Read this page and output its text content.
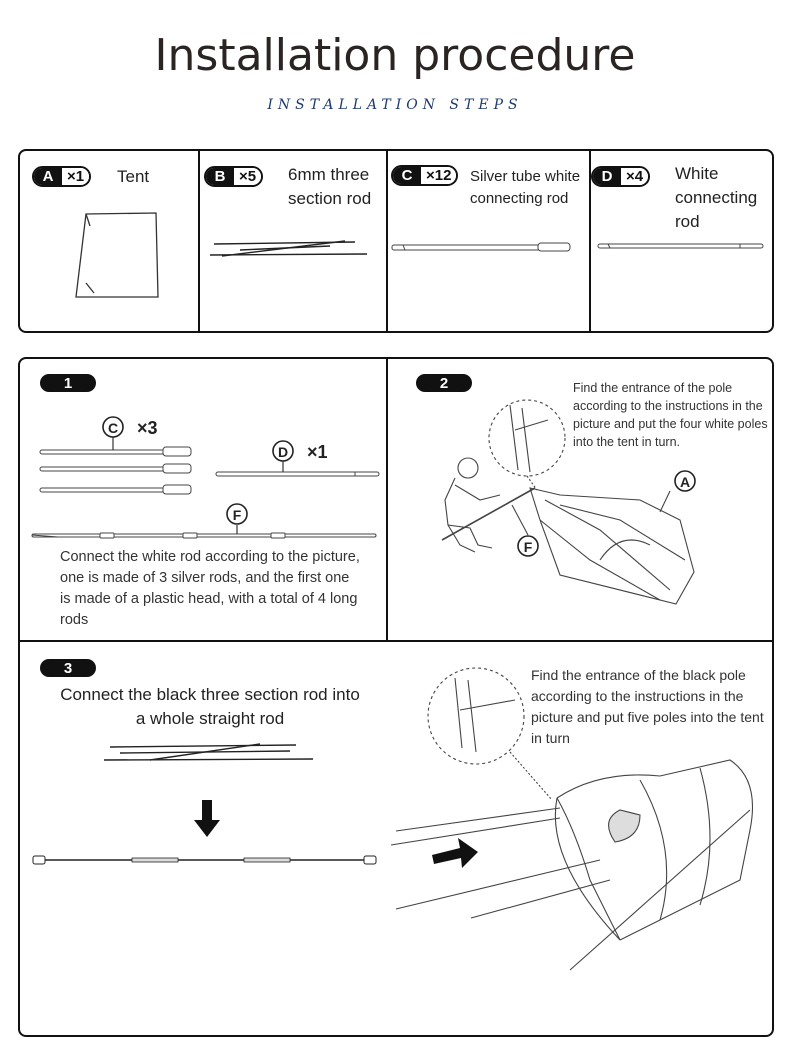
Installation procedure
INSTALLATION STEPS
A ×1 Tent	B ×5 6mm three section rod
C ×12	Silver tube white connecting rod
D ×4 White connecting rod
1
Connect the white rod according to the picture, one is made of 3 silver rods, and the first one is made of a plastic head, with a total of 4 long rods
2	Find the entrance of the pole according to the instructions in the picture and put the four white poles into the tent in turn.
3
Connect the black three section rod into a whole straight rod
Find the entrance of the black pole according to the instructions in the picture and put five poles into the tent in turn
C ×3
D ×1
F
A
F
